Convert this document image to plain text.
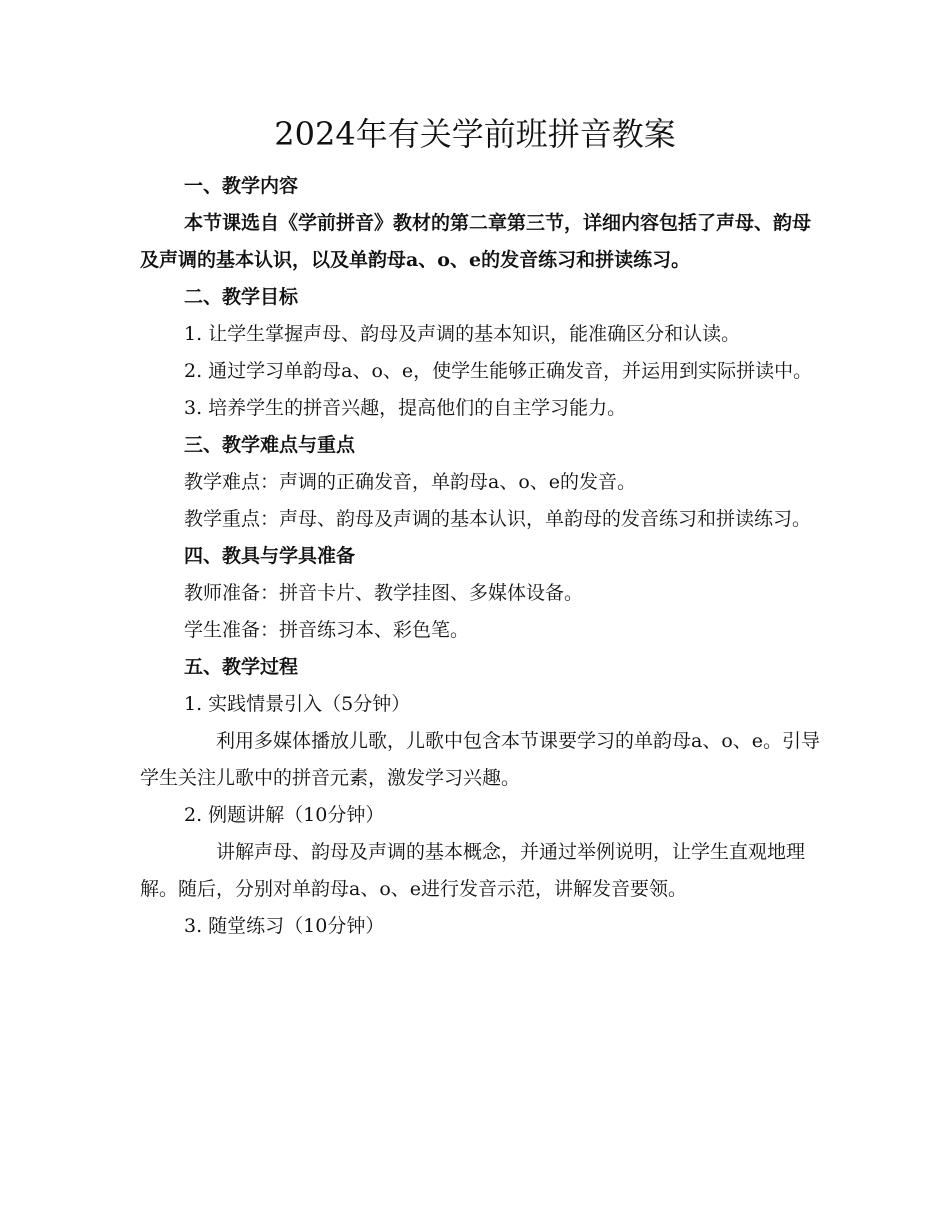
2024年有关学前班拼音教案

一、教学内容

本节课选自《学前拼音》教材的第二章第三节，详细内容包括了声母、韵母及声调的基本认识，以及单韵母a、o、e的发音练习和拼读练习。

二、教学目标

1. 让学生掌握声母、韵母及声调的基本知识，能准确区分和认读。

2. 通过学习单韵母a、o、e，使学生能够正确发音，并运用到实际拼读中。

3. 培养学生的拼音兴趣，提高他们的自主学习能力。

三、教学难点与重点

教学难点：声调的正确发音，单韵母a、o、e的发音。

教学重点：声母、韵母及声调的基本认识，单韵母的发音练习和拼读练习。

四、教具与学具准备

教师准备：拼音卡片、教学挂图、多媒体设备。

学生准备：拼音练习本、彩色笔。

五、教学过程

1. 实践情景引入（5分钟）

利用多媒体播放儿歌，儿歌中包含本节课要学习的单韵母a、o、e。引导学生关注儿歌中的拼音元素，激发学习兴趣。

2. 例题讲解（10分钟）

讲解声母、韵母及声调的基本概念，并通过举例说明，让学生直观地理解。随后，分别对单韵母a、o、e进行发音示范，讲解发音要领。

3. 随堂练习（10分钟）
